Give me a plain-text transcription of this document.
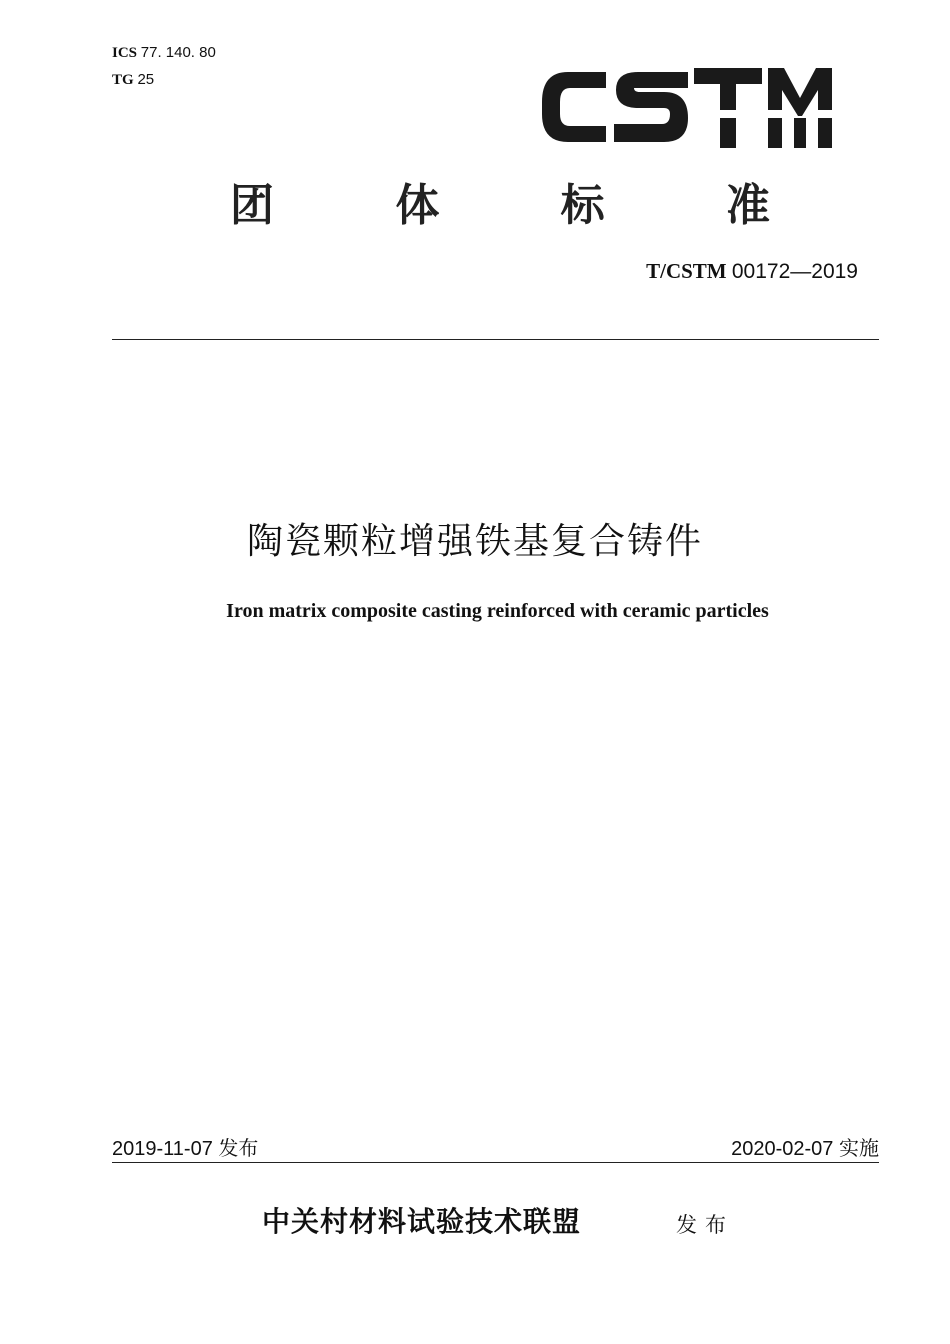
ICS 77. 140. 80
TG 25
团	体	标	准
T/CSTM 00172—2019
陶瓷颗粒增强铁基复合铸件
Iron matrix composite casting reinforced with ceramic particles
2019-11-07 发布	2020-02-07 实施
中关村材料试验技术联盟	发布
